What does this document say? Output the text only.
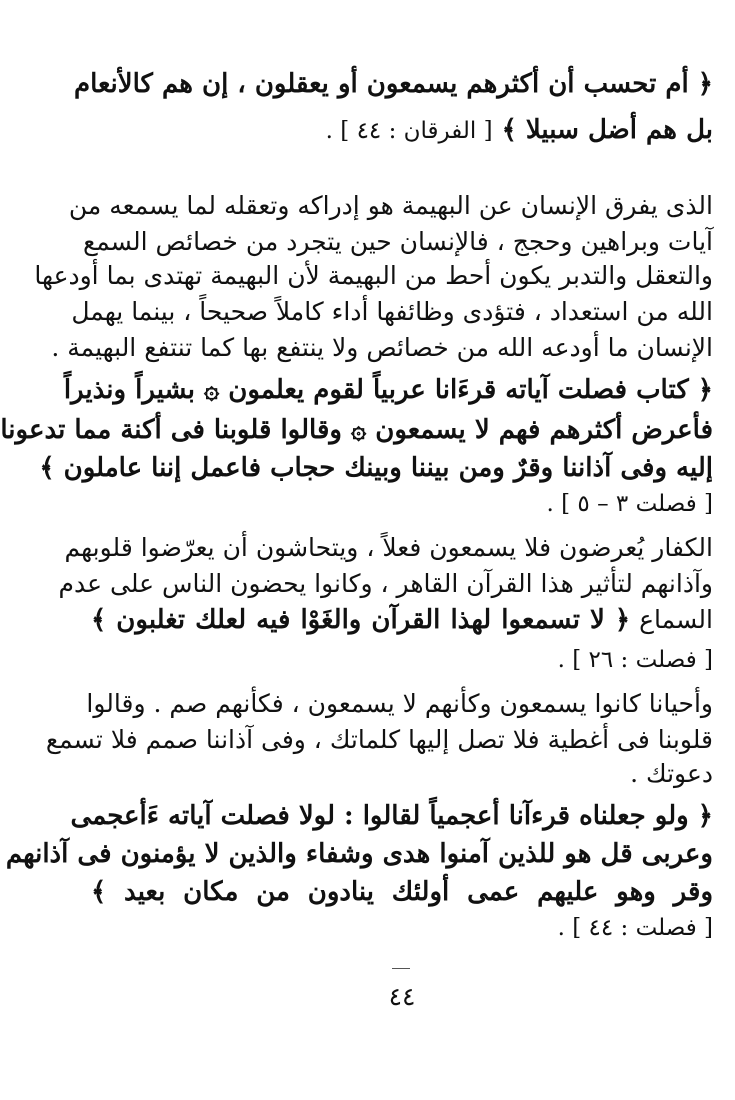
﴿ أم تحسب أن أكثرهم يسمعون أو يعقلون ، إن هم كالأنعام
بل هم أضل سبيلا ﴾ [ الفرقان : ٤٤ ] .
الذى يفرق الإنسان عن البهيمة هو إدراكه وتعقله لما يسمعه من
آيات وبراهين وحجج ، فالإنسان حين يتجرد من خصائص السمع
والتعقل والتدبر يكون أحط من البهيمة لأن البهيمة تهتدى بما أودعها
الله من استعداد ، فتؤدى وظائفها أداء كاملاً صحيحاً ، بينما يهمل
الإنسان ما أودعه الله من خصائص ولا ينتفع بها كما تنتفع البهيمة .
﴿ كتاب فصلت آياته قرءَانا عربياً لقوم يعلمون ۞ بشيراً ونذيراً
فأعرض أكثرهم فهم لا يسمعون ۞ وقالوا قلوبنا فى أكنة مما تدعونا
إليه وفى آذاننا وقرٌ ومن بيننا وبينك حجاب فاعمل إننا عاملون ﴾
[ فصلت ٣ – ٥ ] .
الكفار يُعرضون فلا يسمعون فعلاً ، ويتحاشون أن يعرّضوا قلوبهم
وآذانهم لتأثير هذا القرآن القاهر ، وكانوا يحضون الناس على عدم
السماع ﴿ لا تسمعوا لهذا القرآن والغَوْا فيه لعلك تغلبون ﴾
[ فصلت : ٢٦ ] .
وأحيانا كانوا يسمعون وكأنهم لا يسمعون ، فكأنهم صم . وقالوا
قلوبنا فى أغطية فلا تصل إليها كلماتك ، وفى آذاننا صمم فلا تسمع
دعوتك .
﴿ ولو جعلناه قرءآنا أعجمياً لقالوا : لولا فصلت آياته ءَأعجمى
وعربى قل هو للذين آمنوا هدى وشفاء والذين لا يؤمنون فى آذانهم
وقر وهو عليهم عمى أولئك ينادون من مكان بعيد ﴾
[ فصلت : ٤٤ ] .
٤٤
